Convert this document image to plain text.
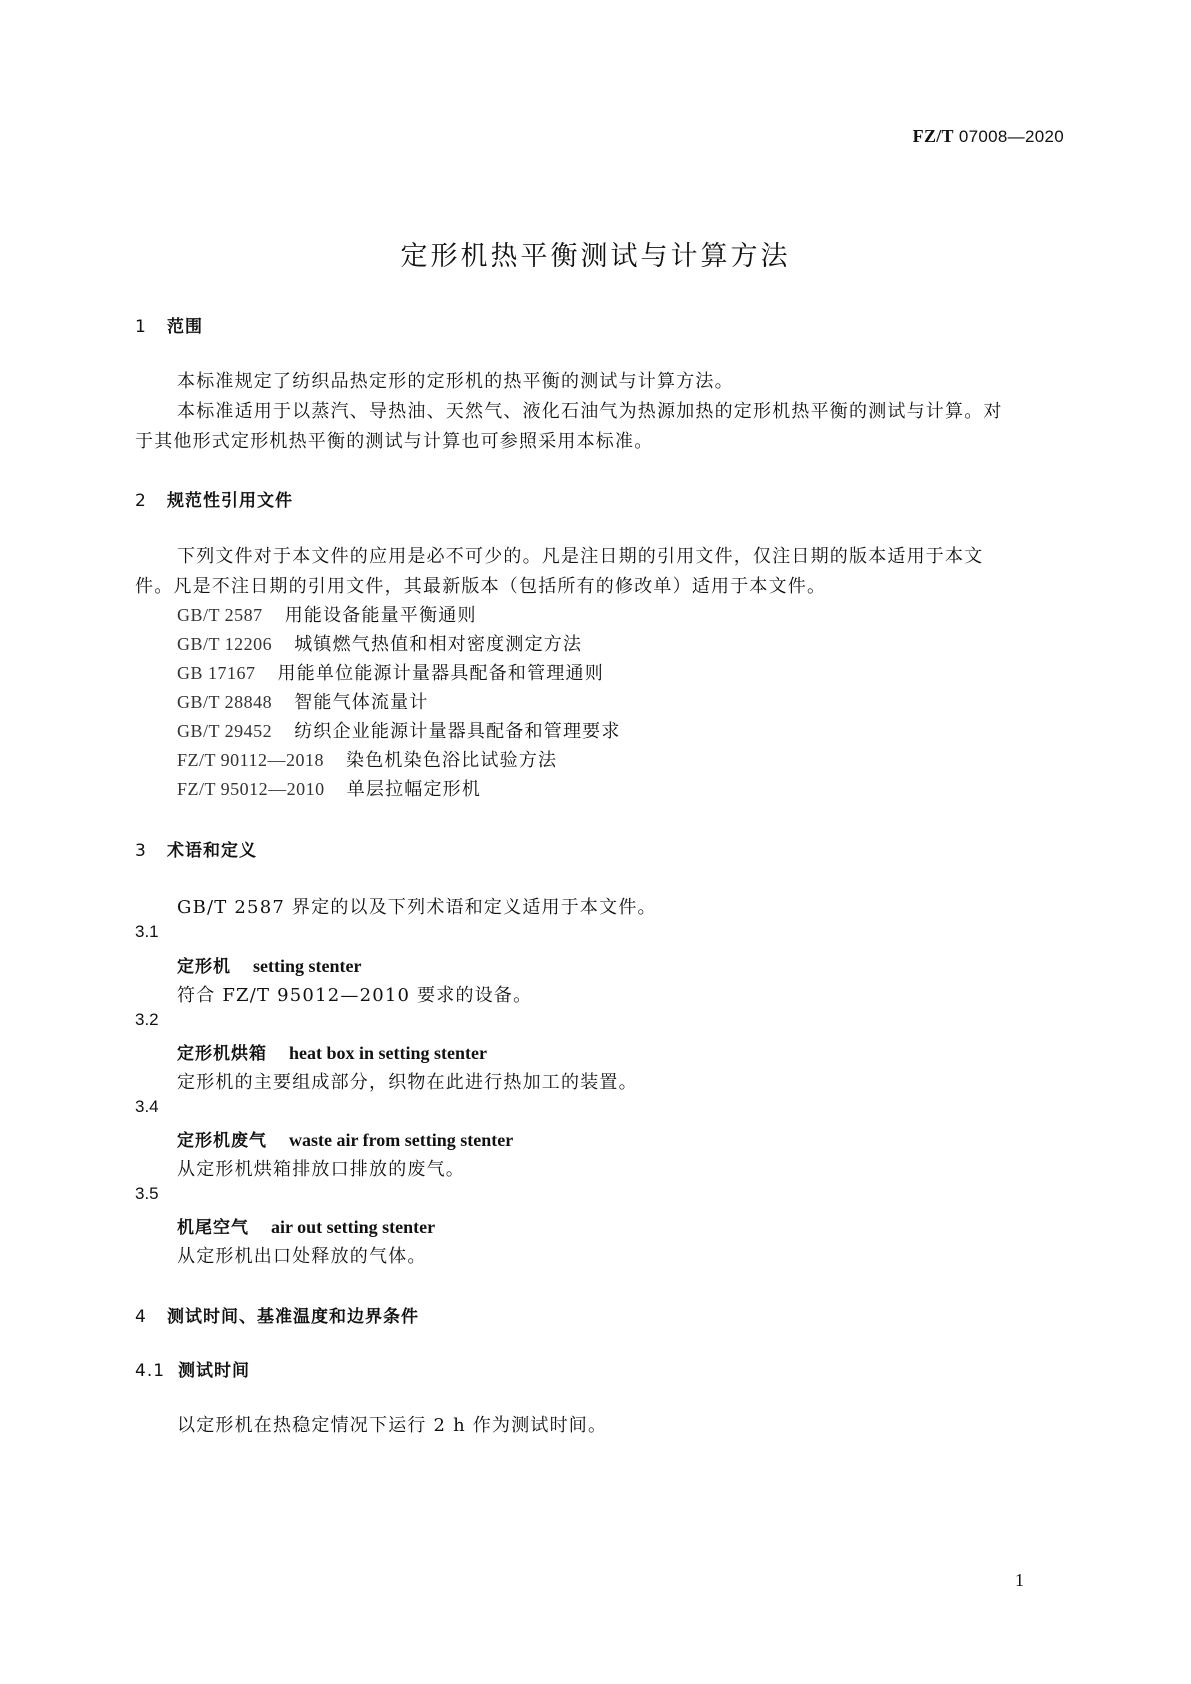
FZ/T 07008—2020
定形机热平衡测试与计算方法
1 范围
本标准规定了纺织品热定形的定形机的热平衡的测试与计算方法。
本标准适用于以蒸汽、导热油、天然气、液化石油气为热源加热的定形机热平衡的测试与计算。对
于其他形式定形机热平衡的测试与计算也可参照采用本标准。
2 规范性引用文件
下列文件对于本文件的应用是必不可少的。凡是注日期的引用文件，仅注日期的版本适用于本文
件。凡是不注日期的引用文件，其最新版本（包括所有的修改单）适用于本文件。
GB/T 2587 用能设备能量平衡通则
GB/T 12206 城镇燃气热值和相对密度测定方法
GB 17167 用能单位能源计量器具配备和管理通则
GB/T 28848 智能气体流量计
GB/T 29452 纺织企业能源计量器具配备和管理要求
FZ/T 90112—2018 染色机染色浴比试验方法
FZ/T 95012—2010 单层拉幅定形机
3 术语和定义
GB/T 2587 界定的以及下列术语和定义适用于本文件。
3.1
定形机 setting stenter
符合 FZ/T 95012—2010 要求的设备。
3.2
定形机烘箱 heat box in setting stenter
定形机的主要组成部分，织物在此进行热加工的装置。
3.4
定形机废气 waste air from setting stenter
从定形机烘箱排放口排放的废气。
3.5
机尾空气 air out setting stenter
从定形机出口处释放的气体。
4 测试时间、基准温度和边界条件
4.1 测试时间
以定形机在热稳定情况下运行 2 h 作为测试时间。
1
